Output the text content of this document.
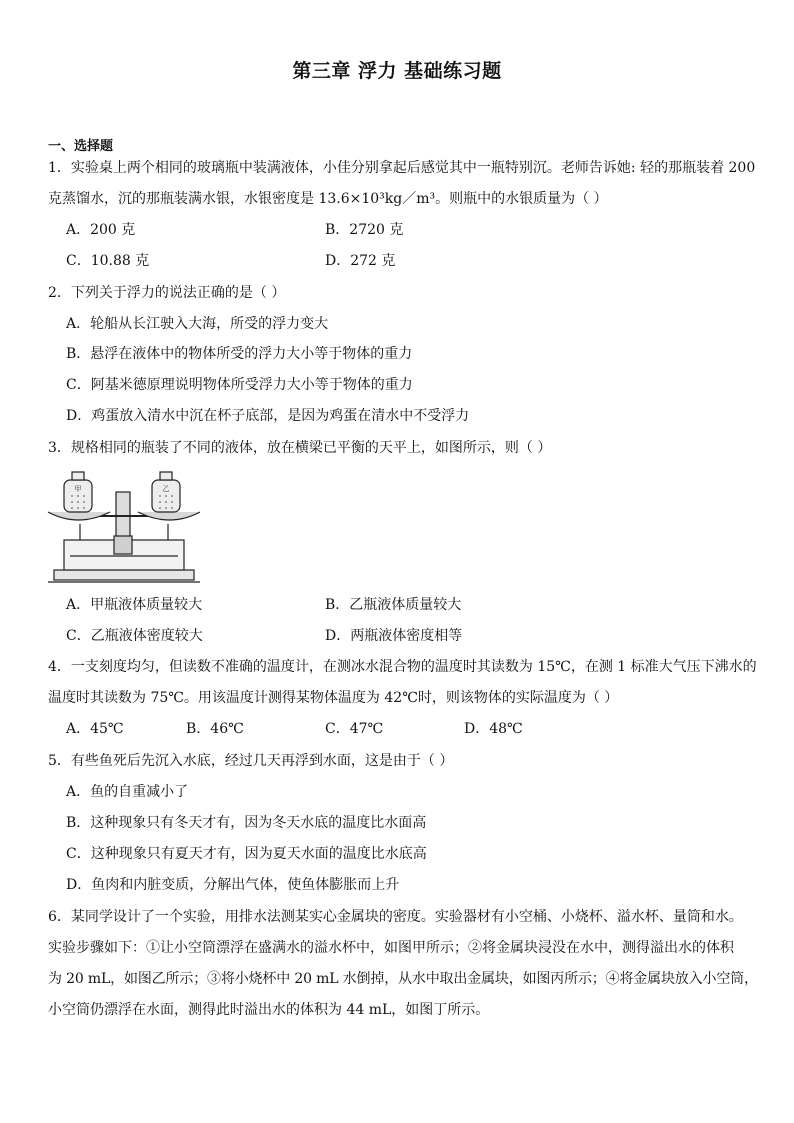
第三章 浮力 基础练习题
一、选择题
1．实验桌上两个相同的玻璃瓶中装满液体，小佳分别拿起后感觉其中一瓶特别沉。老师告诉她: 轻的那瓶装着 200
克蒸馏水，沉的那瓶装满水银，水银密度是 13.6×10³kg／m³。则瓶中的水银质量为（ ）
A．200 克	B．2720 克
C．10.88 克	D．272 克
2．下列关于浮力的说法正确的是（ ）
A．轮船从长江驶入大海，所受的浮力变大
B．悬浮在液体中的物体所受的浮力大小等于物体的重力
C．阿基米德原理说明物体所受浮力大小等于物体的重力
D．鸡蛋放入清水中沉在杯子底部，是因为鸡蛋在清水中不受浮力
3．规格相同的瓶装了不同的液体，放在横梁已平衡的天平上，如图所示，则（ ）
甲	乙
A．甲瓶液体质量较大	B．乙瓶液体质量较大
C．乙瓶液体密度较大	D．两瓶液体密度相等
4．一支刻度均匀，但读数不准确的温度计，在测冰水混合物的温度时其读数为 15℃，在测 1 标准大气压下沸水的
温度时其读数为 75℃。用该温度计测得某物体温度为 42℃时，则该物体的实际温度为（ ）
A．45℃	B．46℃	C．47℃	D．48℃
5．有些鱼死后先沉入水底，经过几天再浮到水面，这是由于（ ）
A．鱼的自重减小了
B．这种现象只有冬天才有，因为冬天水底的温度比水面高
C．这种现象只有夏天才有，因为夏天水面的温度比水底高
D．鱼肉和内脏变质，分解出气体，使鱼体膨胀而上升
6．某同学设计了一个实验，用排水法测某实心金属块的密度。实验器材有小空桶、小烧杯、溢水杯、量筒和水。
实验步骤如下：①让小空筒漂浮在盛满水的溢水杯中，如图甲所示；②将金属块浸没在水中，测得溢出水的体积
为 20 mL，如图乙所示；③将小烧杯中 20 mL 水倒掉，从水中取出金属块，如图丙所示；④将金属块放入小空筒，
小空筒仍漂浮在水面，测得此时溢出水的体积为 44 mL，如图丁所示。
